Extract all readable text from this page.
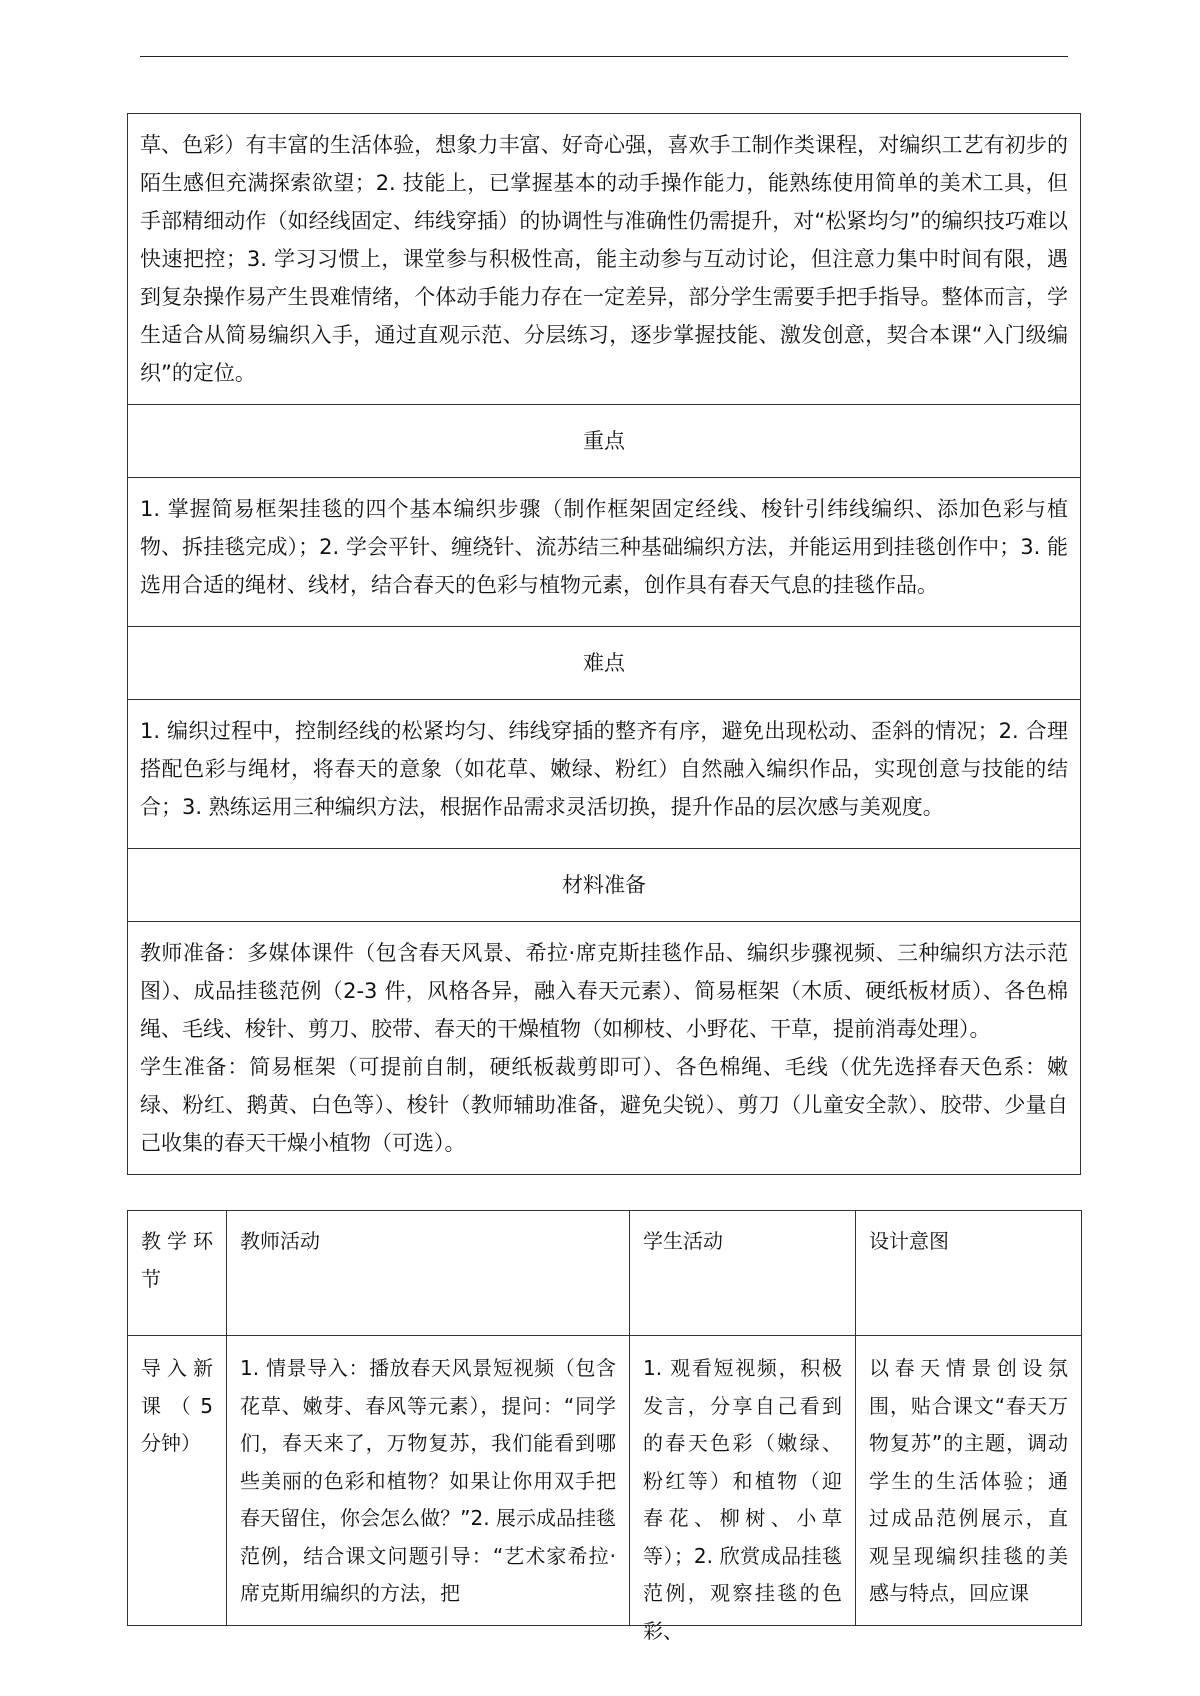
草、色彩）有丰富的生活体验，想象力丰富、好奇心强，喜欢手工制作类课程，对编织工艺有初步的陌生感但充满探索欲望；2. 技能上，已掌握基本的动手操作能力，能熟练使用简单的美术工具，但手部精细动作（如经线固定、纬线穿插）的协调性与准确性仍需提升，对“松紧均匀”的编织技巧难以快速把控；3. 学习习惯上，课堂参与积极性高，能主动参与互动讨论，但注意力集中时间有限，遇到复杂操作易产生畏难情绪，个体动手能力存在一定差异，部分学生需要手把手指导。整体而言，学生适合从简易编织入手，通过直观示范、分层练习，逐步掌握技能、激发创意，契合本课“入门级编织”的定位。
重点
1. 掌握简易框架挂毯的四个基本编织步骤（制作框架固定经线、梭针引纬线编织、添加色彩与植物、拆挂毯完成）；2. 学会平针、缠绕针、流苏结三种基础编织方法，并能运用到挂毯创作中；3. 能选用合适的绳材、线材，结合春天的色彩与植物元素，创作具有春天气息的挂毯作品。
难点
1. 编织过程中，控制经线的松紧均匀、纬线穿插的整齐有序，避免出现松动、歪斜的情况；2. 合理搭配色彩与绳材，将春天的意象（如花草、嫩绿、粉红）自然融入编织作品，实现创意与技能的结合；3. 熟练运用三种编织方法，根据作品需求灵活切换，提升作品的层次感与美观度。
材料准备

教师准备：多媒体课件（包含春天风景、希拉·席克斯挂毯作品、编织步骤视频、三种编织方法示范图）、成品挂毯范例（2-3 件，风格各异，融入春天元素）、简易框架（木质、硬纸板材质）、各色棉绳、毛线、梭针、剪刀、胶带、春天的干燥植物（如柳枝、小野花、干草，提前消毒处理）。
学生准备：简易框架（可提前自制，硬纸板裁剪即可）、各色棉绳、毛线（优先选择春天色系：嫩绿、粉红、鹅黄、白色等）、梭针（教师辅助准备，避免尖锐）、剪刀（儿童安全款）、胶带、少量自己收集的春天干燥小植物（可选）。
教学环节	教师活动	学生活动	设计意图

导入新课（5分钟）	1. 情景导入：播放春天风景短视频（包含花草、嫩芽、春风等元素），提问：“同学们，春天来了，万物复苏，我们能看到哪些美丽的色彩和植物？如果让你用双手把春天留住，你会怎么做？”2. 展示成品挂毯范例，结合课文问题引导：“艺术家希拉·席克斯用编织的方法，把	1. 观看短视频，积极发言，分享自己看到的春天色彩（嫩绿、粉红等）和植物（迎春花、柳树、小草等）；2. 欣赏成品挂毯范例，观察挂毯的色彩、	以春天情景创设氛围，贴合课文“春天万物复苏”的主题，调动学生的生活体验；通过成品范例展示，直观呈现编织挂毯的美感与特点，回应课
